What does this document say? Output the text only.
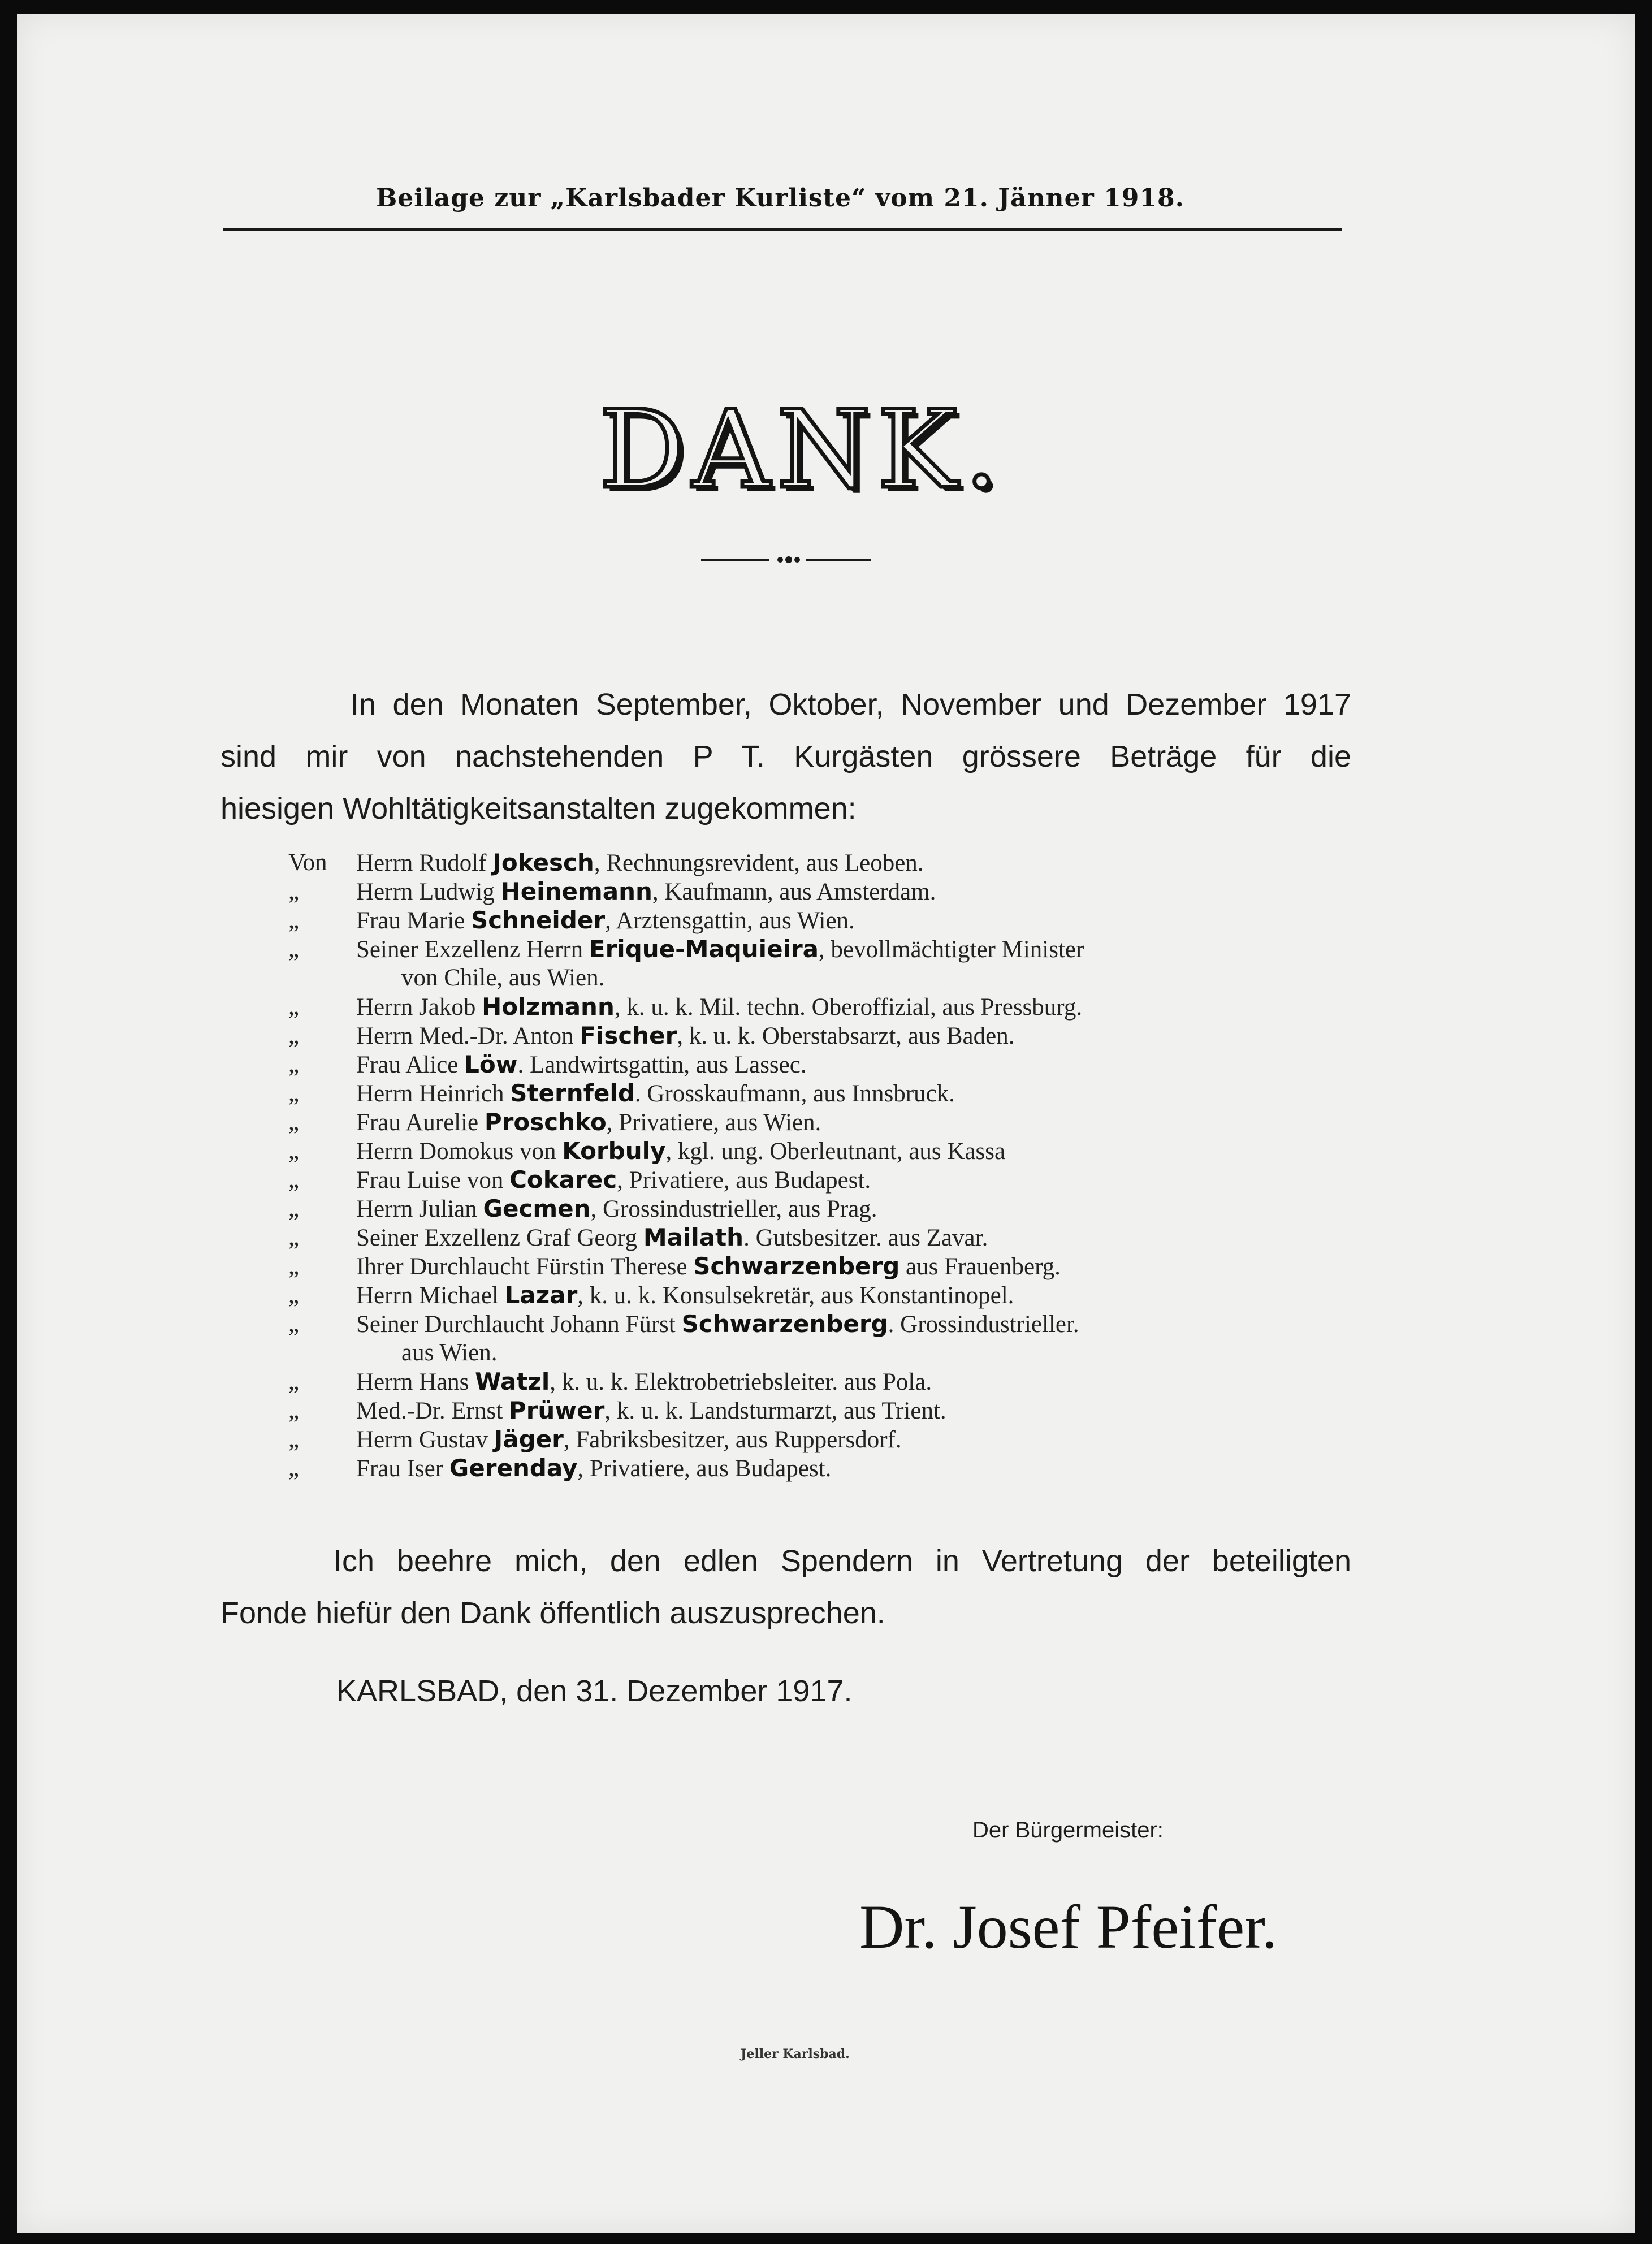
Beilage zur „Karlsbader Kurliste“ vom 21. Jänner 1918.
DANK.
In den Monaten September, Oktober, November und Dezember 1917
sind mir von nachstehenden P T. Kurgästen grössere Beträge für die
hiesigen Wohltätigkeitsanstalten zugekommen:
Von	Herrn Rudolf Jokesch, Rechnungsrevident, aus Leoben.
„	Herrn Ludwig Heinemann, Kaufmann, aus Amsterdam.
„	Frau Marie Schneider, Arztensgattin, aus Wien.
„	Seiner Exzellenz Herrn Erique-Maquieira, bevollmächtigter Minister
von Chile, aus Wien.
„	Herrn Jakob Holzmann, k. u. k. Mil. techn. Oberoffizial, aus Pressburg.
„	Herrn Med.-Dr. Anton Fischer, k. u. k. Oberstabsarzt, aus Baden.
„	Frau Alice Löw. Landwirtsgattin, aus Lassec.
„	Herrn Heinrich Sternfeld. Grosskaufmann, aus Innsbruck.
„	Frau Aurelie Proschko, Privatiere, aus Wien.
„	Herrn Domokus von Korbuly, kgl. ung. Oberleutnant, aus Kassa
„	Frau Luise von Cokarec, Privatiere, aus Budapest.
„	Herrn Julian Gecmen, Grossindustrieller, aus Prag.
„	Seiner Exzellenz Graf Georg Mailath. Gutsbesitzer. aus Zavar.
„	Ihrer Durchlaucht Fürstin Therese Schwarzenberg aus Frauenberg.
„	Herrn Michael Lazar, k. u. k. Konsulsekretär, aus Konstantinopel.
„	Seiner Durchlaucht Johann Fürst Schwarzenberg. Grossindustrieller.
aus Wien.
„	Herrn Hans Watzl, k. u. k. Elektrobetriebsleiter. aus Pola.
„	Med.-Dr. Ernst Prüwer, k. u. k. Landsturmarzt, aus Trient.
„	Herrn Gustav Jäger, Fabriksbesitzer, aus Ruppersdorf.
„	Frau Iser Gerenday, Privatiere, aus Budapest.
Ich beehre mich, den edlen Spendern in Vertretung der beteiligten
Fonde hiefür den Dank öffentlich auszusprechen.
KARLSBAD, den 31. Dezember 1917.
Der Bürgermeister:
Dr. Josef Pfeifer.
Jeller Karlsbad.
